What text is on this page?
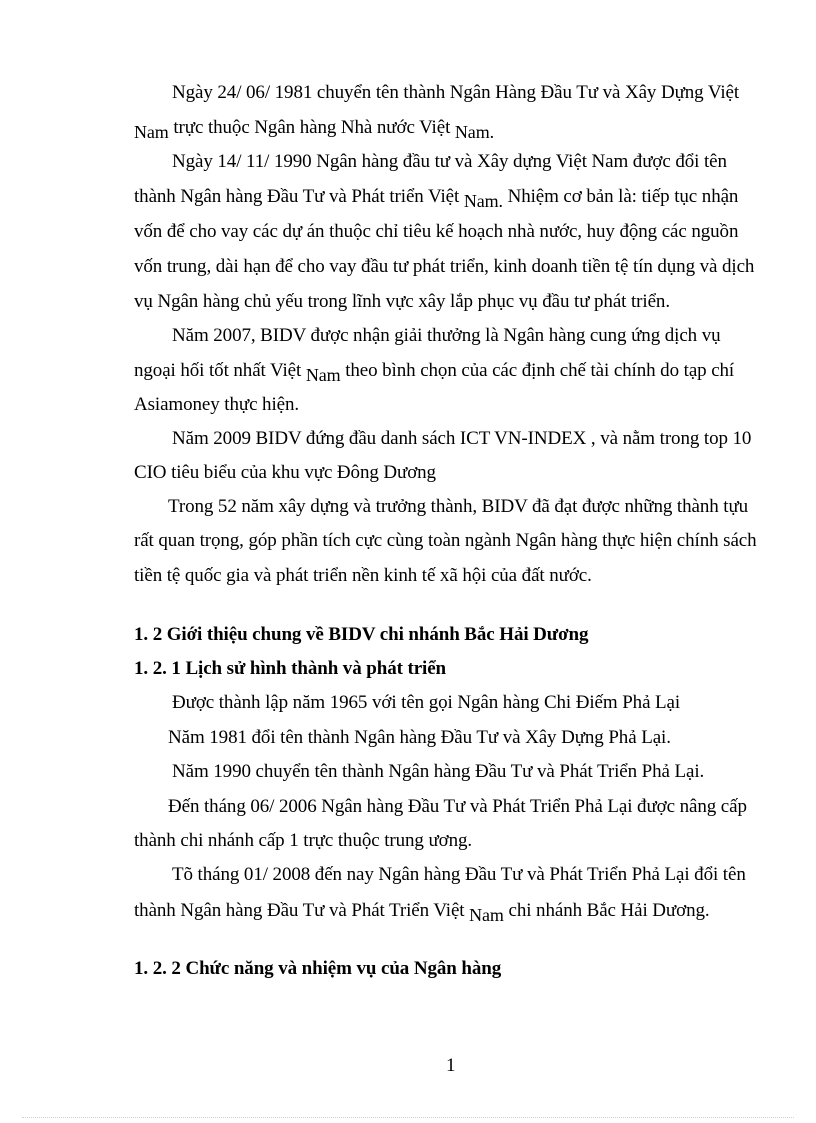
Ngày 24/ 06/ 1981 chuyển tên thành Ngân Hàng Đầu Tư và Xây Dựng Việt
Nam trực thuộc Ngân hàng Nhà nước Việt Nam.
Ngày 14/ 11/ 1990 Ngân hàng đầu tư và Xây dựng Việt Nam được đổi tên
thành Ngân hàng Đầu Tư và Phát triển Việt Nam. Nhiệm cơ bản là: tiếp tục nhận
vốn để cho vay các dự án thuộc chỉ tiêu kế hoạch nhà nước, huy động các nguồn
vốn trung, dài hạn để cho vay đầu tư phát triển, kinh doanh tiền tệ tín dụng và dịch
vụ Ngân hàng chủ yếu trong lĩnh vực xây lắp phục vụ đầu tư phát triển.
Năm 2007, BIDV được nhận giải thưởng là Ngân hàng cung ứng dịch vụ
ngoại hối tốt nhất Việt Nam theo bình chọn của các định chế tài chính do tạp chí
Asiamoney thực hiện.
Năm 2009 BIDV đứng đầu danh sách ICT VN-INDEX , và nằm trong top 10
CIO tiêu biểu của khu vực Đông Dương
Trong 52 năm xây dựng và trưởng thành, BIDV đã đạt được những thành tựu
rất quan trọng, góp phần tích cực cùng toàn ngành Ngân hàng thực hiện chính sách
tiền tệ quốc gia và phát triển nền kinh tế xã hội của đất nước.
1. 2 Giới thiệu chung về BIDV chi nhánh Bắc Hải Dương
1. 2. 1 Lịch sử hình thành và phát triển
Được thành lập năm 1965 với tên gọi Ngân hàng Chi Điếm Phả Lại
Năm 1981 đổi tên thành Ngân hàng Đầu Tư và Xây Dựng Phả Lại.
Năm 1990 chuyển tên thành Ngân hàng Đầu Tư và Phát Triển Phả Lại.
Đến tháng 06/ 2006 Ngân hàng Đầu Tư và Phát Triển Phả Lại được nâng cấp
thành chi nhánh cấp 1 trực thuộc trung ương.
Tõ tháng 01/ 2008 đến nay Ngân hàng Đầu Tư và Phát Triển Phả Lại đổi tên
thành Ngân hàng Đầu Tư và Phát Triển Việt Nam chi nhánh Bắc Hải Dương.
1. 2. 2 Chức năng và nhiệm vụ của Ngân hàng
1
